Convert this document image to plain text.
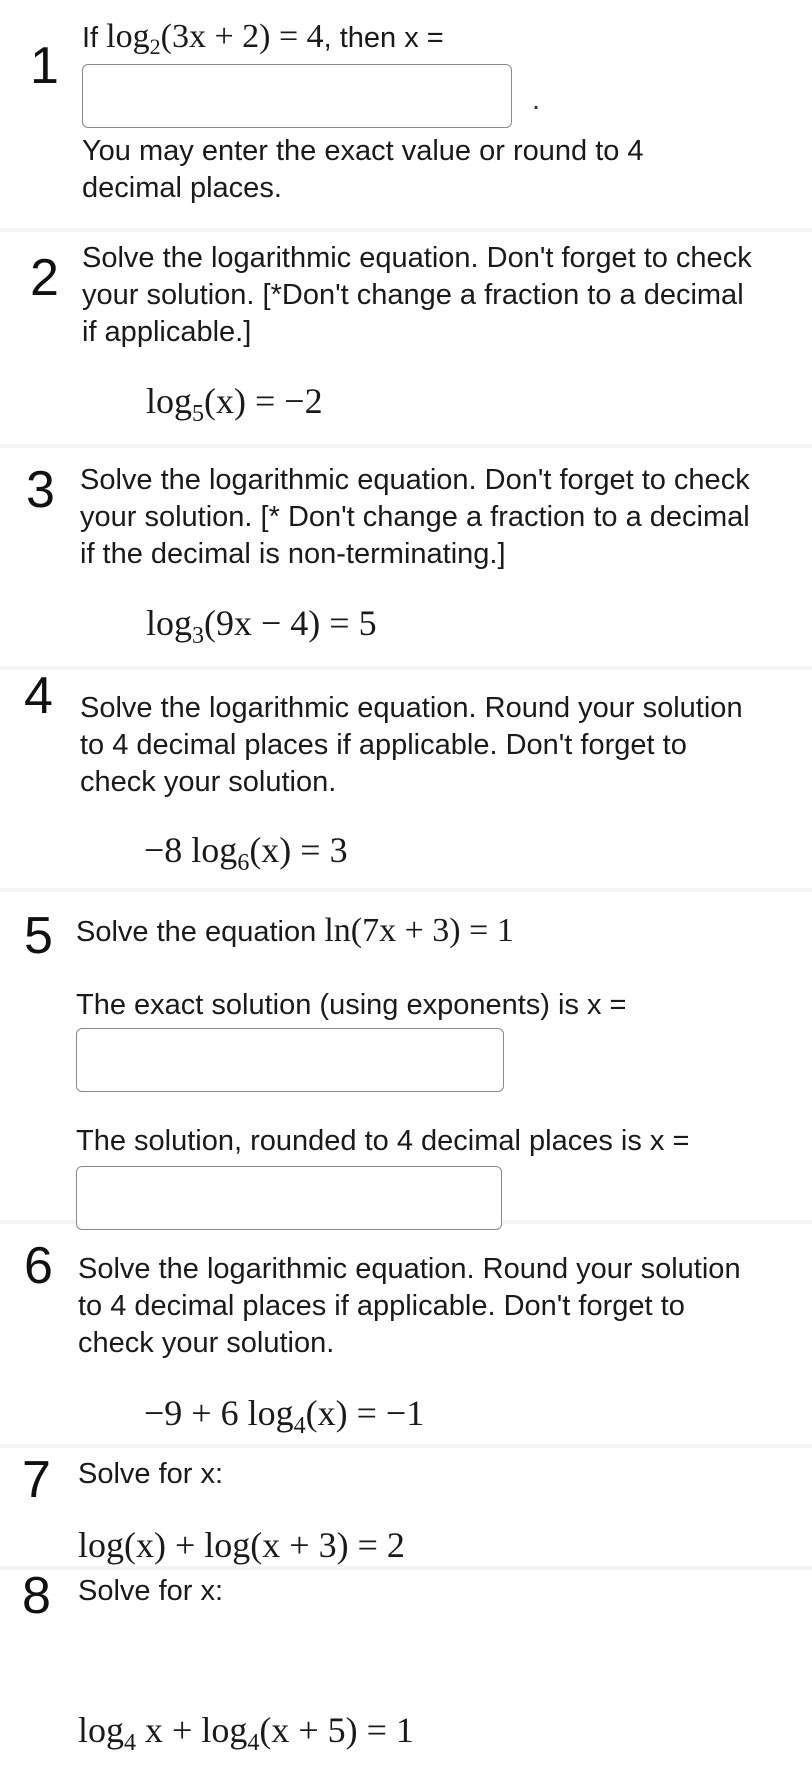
1 If $\log_2(3x + 2) = 4$, then x =
.
You may enter the exact value or round to 4 decimal places.
2 Solve the logarithmic equation. Don't forget to check your solution. [*Don't change a fraction to a decimal if applicable.]
$\log_5(x) = -2$
3 Solve the logarithmic equation. Don't forget to check your solution. [* Don't change a fraction to a decimal if the decimal is non-terminating.]
$\log_3(9x - 4) = 5$
4 Solve the logarithmic equation. Round your solution to 4 decimal places if applicable. Don't forget to check your solution.
−8 $\log_6(x) = 3$
5 Solve the equation ln(7x + 3) = 1
The exact solution (using exponents) is x =
The solution, rounded to 4 decimal places is x =
6 Solve the logarithmic equation. Round your solution to 4 decimal places if applicable. Don't forget to check your solution.
−9 + 6 $\log_4(x) = -1$
7 Solve for x:
log(x) + log(x + 3) = 2
8 Solve for x:
$\log_4 x + \log_4(x + 5) = 1$
